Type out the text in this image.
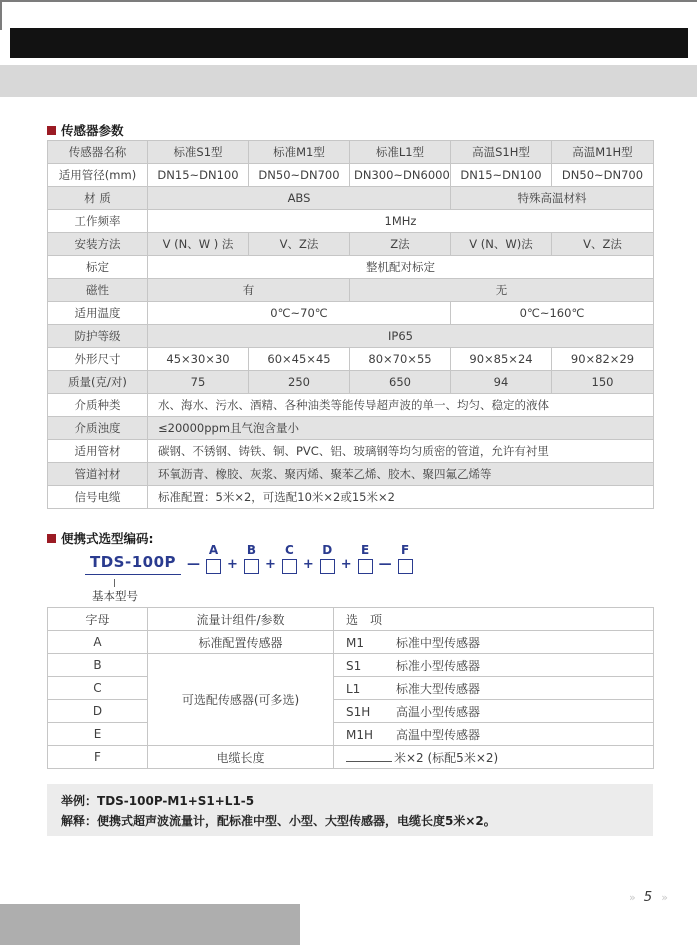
传感器参数
传感器名称	标准S1型	标准M1型	标准L1型	高温S1H型	高温M1H型
适用管径(mm)	DN15~DN100	DN50~DN700	DN300~DN6000	DN15~DN100	DN50~DN700
材 质	ABS			特殊高温材料	
工作频率	1MHz				
安装方法	V (N、W ) 法	V、Z法	Z法	V (N、W)法	V、Z法
标定	整机配对标定				
磁性	有		无		
适用温度	0℃~70℃			0℃~160℃	
防护等级	IP65				
外形尺寸	45×30×30	60×45×45	80×70×55	90×85×24	90×82×29
质量(克/对)	75	250	650	94	150
介质种类	水、海水、污水、酒精、各种油类等能传导超声波的单一、均匀、稳定的液体				
介质浊度	≤20000ppm且气泡含量小				
适用管材	碳钢、不锈钢、铸铁、铜、PVC、铝、玻璃钢等均匀质密的管道，允许有衬里				
管道衬材	环氧沥青、橡胶、灰浆、聚丙烯、聚苯乙烯、胶木、聚四氟乙烯等				
信号电缆	标准配置：5米×2，可选配10米×2或15米×2				
便携式选型编码:
TDS-100P —
A
+
B
+
C
+
D
+
E
—
F
基本型号
字母	流量计组件/参数	选　项
A	标准配置传感器	M1 标准中型传感器
B	可选配传感器(可多选)	S1 标准小型传感器
C		L1 标准大型传感器
D		S1H 高温小型传感器
E		M1H 高温中型传感器
F	电缆长度	米×2 (标配5米×2)
举例：TDS-100P-M1+S1+L1-5
解释：便携式超声波流量计，配标准中型、小型、大型传感器，电缆长度5米×2。
» 5 »
